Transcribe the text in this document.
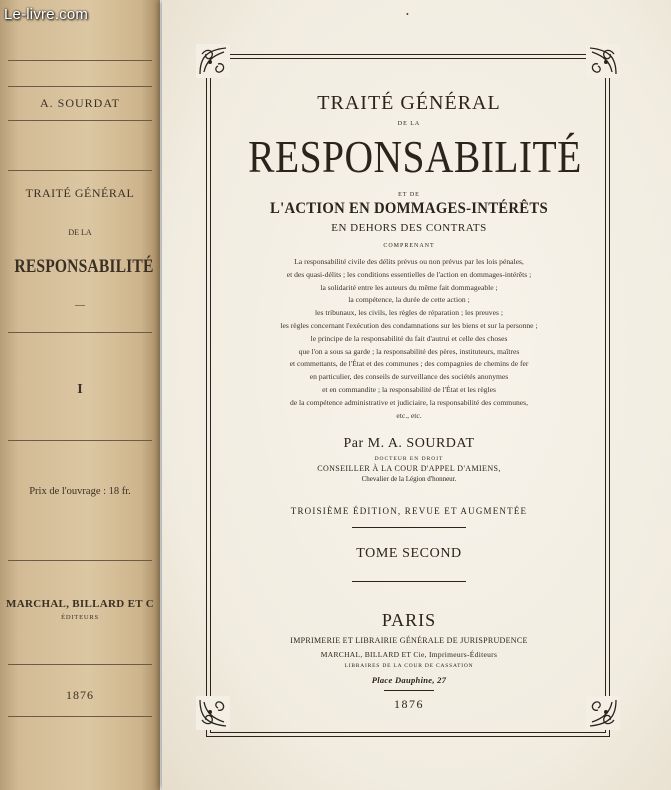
A. SOURDAT
TRAITÉ GÉNÉRAL
DE LA
RESPONSABILITÉ
—
I
Prix de l'ouvrage : 18 fr.
MARCHAL, BILLARD ET C
ÉDITEURS
1876
•
TRAITÉ GÉNÉRAL
DE LA
RESPONSABILITÉ
ET DE
L'ACTION EN DOMMAGES-INTÉRÊTS
EN DEHORS DES CONTRATS
COMPRENANT
La responsabilité civile des délits prévus ou non prévus par les lois pénales,
et des quasi-délits ; les conditions essentielles de l'action en dommages-intérêts ;
la solidarité entre les auteurs du même fait dommageable ;
la compétence, la durée de cette action ;
les tribunaux, les civils, les règles de réparation ; les preuves ;
les règles concernant l'exécution des condamnations sur les biens et sur la personne ;
le principe de la responsabilité du fait d'autrui et celle des choses
que l'on a sous sa garde ; la responsabilité des pères, instituteurs, maîtres
et commettants, de l'État et des communes ; des compagnies de chemins de fer
en particulier, des conseils de surveillance des sociétés anonymes
et en commandite ; la responsabilité de l'État et les règles
de la compétence administrative et judiciaire, la responsabilité des communes,
etc., etc.
Par M. A. SOURDAT
DOCTEUR EN DROIT
CONSEILLER À LA COUR D'APPEL D'AMIENS,
Chevalier de la Légion d'honneur.
TROISIÈME ÉDITION, REVUE ET AUGMENTÉE
TOME SECOND
PARIS
IMPRIMERIE ET LIBRAIRIE GÉNÉRALE DE JURISPRUDENCE
MARCHAL, BILLARD ET Cie, Imprimeurs-Éditeurs
LIBRAIRES DE LA COUR DE CASSATION
Place Dauphine, 27
1876
Le-livre.com
